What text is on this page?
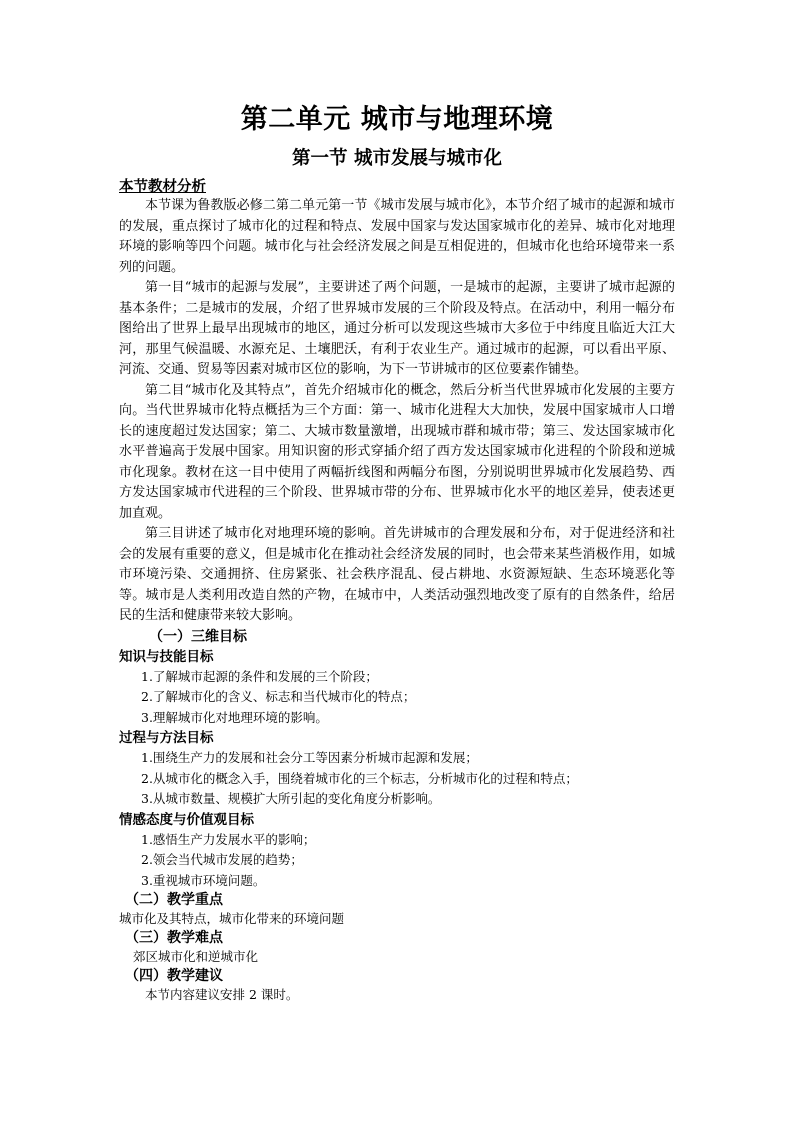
第二单元 城市与地理环境
第一节 城市发展与城市化
本节教材分析

本节课为鲁教版必修二第二单元第一节《城市发展与城市化》，本节介绍了城市的起源和城市的发展，重点探讨了城市化的过程和特点、发展中国家与发达国家城市化的差异、城市化对地理环境的影响等四个问题。城市化与社会经济发展之间是互相促进的，但城市化也给环境带来一系列的问题。

第一目“城市的起源与发展”，主要讲述了两个问题，一是城市的起源，主要讲了城市起源的基本条件；二是城市的发展，介绍了世界城市发展的三个阶段及特点。在活动中，利用一幅分布图给出了世界上最早出现城市的地区，通过分析可以发现这些城市大多位于中纬度且临近大江大河，那里气候温暖、水源充足、土壤肥沃，有利于农业生产。通过城市的起源，可以看出平原、河流、交通、贸易等因素对城市区位的影响，为下一节讲城市的区位要素作铺垫。

第二目“城市化及其特点”，首先介绍城市化的概念，然后分析当代世界城市化发展的主要方向。当代世界城市化特点概括为三个方面：第一、城市化进程大大加快，发展中国家城市人口增长的速度超过发达国家；第二、大城市数量激增，出现城市群和城市带；第三、发达国家城市化水平普遍高于发展中国家。用知识窗的形式穿插介绍了西方发达国家城市化进程的个阶段和逆城市化现象。教材在这一目中使用了两幅折线图和两幅分布图，分别说明世界城市化发展趋势、西方发达国家城市代进程的三个阶段、世界城市带的分布、世界城市化水平的地区差异，使表述更加直观。

第三目讲述了城市化对地理环境的影响。首先讲城市的合理发展和分布，对于促进经济和社会的发展有重要的意义，但是城市化在推动社会经济发展的同时，也会带来某些消极作用，如城市环境污染、交通拥挤、住房紧张、社会秩序混乱、侵占耕地、水资源短缺、生态环境恶化等等。城市是人类利用改造自然的产物，在城市中，人类活动强烈地改变了原有的自然条件，给居民的生活和健康带来较大影响。

（一）三维目标
知识与技能目标
1.了解城市起源的条件和发展的三个阶段；
2.了解城市化的含义、标志和当代城市化的特点；
3.理解城市化对地理环境的影响。
过程与方法目标
1.围绕生产力的发展和社会分工等因素分析城市起源和发展；
2.从城市化的概念入手，围绕着城市化的三个标志，分析城市化的过程和特点；
3.从城市数量、规模扩大所引起的变化角度分析影响。
情感态度与价值观目标
1.感悟生产力发展水平的影响；
2.领会当代城市发展的趋势；
3.重视城市环境问题。
（二）教学重点
城市化及其特点，城市化带来的环境问题
（三）教学难点
郊区城市化和逆城市化
（四）教学建议
本节内容建议安排 2 课时。
